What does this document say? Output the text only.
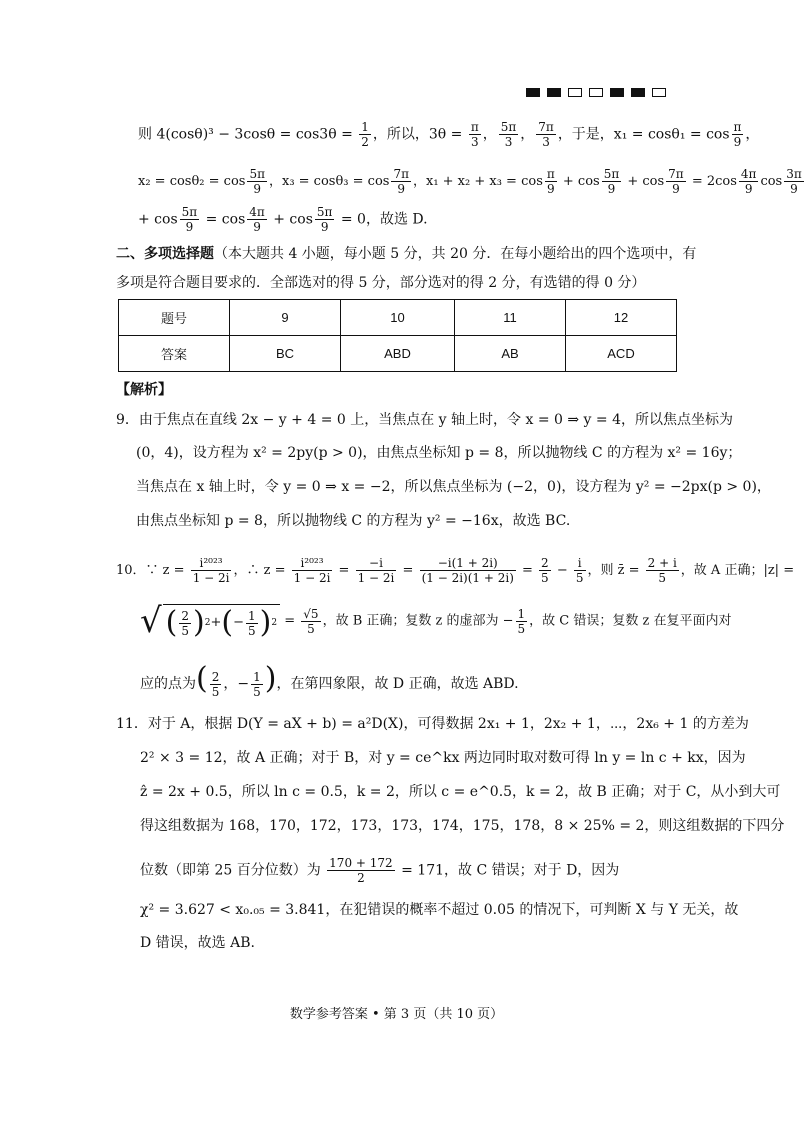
则 $4(\cos\theta)^3 - 3\cos\theta = \cos 3\theta = \frac{1}{2}$ ，所以，$3\theta = \frac{\pi}{3}$ ， $\frac{5\pi}{3}$ ， $\frac{7\pi}{3}$ ，于是，$x_1 = \cos\theta_1 = \cos \frac{\pi}{9}$ ，
$x_2 = \cos\theta_2 = \cos \frac{5\pi}{9}$ ，$x_3 = \cos\theta_3 = \cos \frac{7\pi}{9}$ ，$x_1 + x_2 + x_3 = \cos \frac{\pi}{9} + \cos \frac{5\pi}{9} + \cos \frac{7\pi}{9} = 2\cos \frac{4\pi}{9}$ $\cos \frac{3\pi}{9}$
+ $\cos \frac{5\pi}{9} = \cos \frac{4\pi}{9} + \cos \frac{5\pi}{9} = 0$，故选 D.
二、多项选择题（本大题共 4 小题，每小题 5 分，共 20 分．在每小题给出的四个选项中，有
多项是符合题目要求的．全部选对的得 5 分，部分选对的得 2 分，有选错的得 0 分）
题号	9	10	11	12
答案	BC	ABD	AB	ACD
【解析】
9．由于焦点在直线 2x − y + 4 = 0 上，当焦点在 y 轴上时，令 x = 0 ⇒ y = 4，所以焦点坐标为
(0，4)，设方程为 x² = 2py(p > 0)，由焦点坐标知 p = 8，所以抛物线 C 的方程为 x² = 16y；
当焦点在 x 轴上时，令 y = 0 ⇒ x = −2，所以焦点坐标为 (−2，0)，设方程为 y² = −2px(p > 0)，
由焦点坐标知 p = 8，所以抛物线 C 的方程为 y² = −16x，故选 BC.
10．∵ $z = \frac{\text{i²⁰²³}}{1 - 2i}$ ，∴ $z = \frac{\text{i²⁰²³}}{1 - 2i} = \frac{-i}{1 - 2i} = \frac{-i(1 + 2i)}{(1 - 2i)(1 + 2i)} = \frac{2}{5} - \frac{i}{5}$ ，则 z̄ = $\frac{2 + i}{5}$ ，故 A 正确；|z| =
√ ( $\frac{2}{5}$ ) 2 + ( − $\frac{1}{5}$ ) $2 = \frac{√5}{5}$ ，故 B 正确；复数 z 的虚部为 − $\frac{1}{5}$ ，故 C 错误；复数 z 在复平面内对
应的点为( $\frac{2}{5}$ ，− $\frac{1}{5}$ )，在第四象限，故 D 正确，故选 ABD.
11．对于 A，根据 D(Y = aX + b) = a²D(X)，可得数据 2x₁ + 1，2x₂ + 1，⋯，2x₆ + 1 的方差为
2² × 3 = 12，故 A 正确；对于 B，对 y = ce^kx 两边同时取对数可得 ln y = ln c + kx，因为
ẑ = 2x + 0.5，所以 ln c = 0.5，k = 2，所以 c = e^0.5，k = 2，故 B 正确；对于 C，从小到大可
得这组数据为 168，170，172，173，173，174，175，178，8 × 25% = 2，则这组数据的下四分
位数（即第 25 百分位数）为 $\frac{170 + 172}{2} = 171$，故 C 错误；对于 D，因为
χ² = 3.627 < x₀.₀₅ = 3.841，在犯错误的概率不超过 0.05 的情况下，可判断 X 与 Y 无关，故
D 错误，故选 AB.
数学参考答案 • 第 3 页（共 10 页）
